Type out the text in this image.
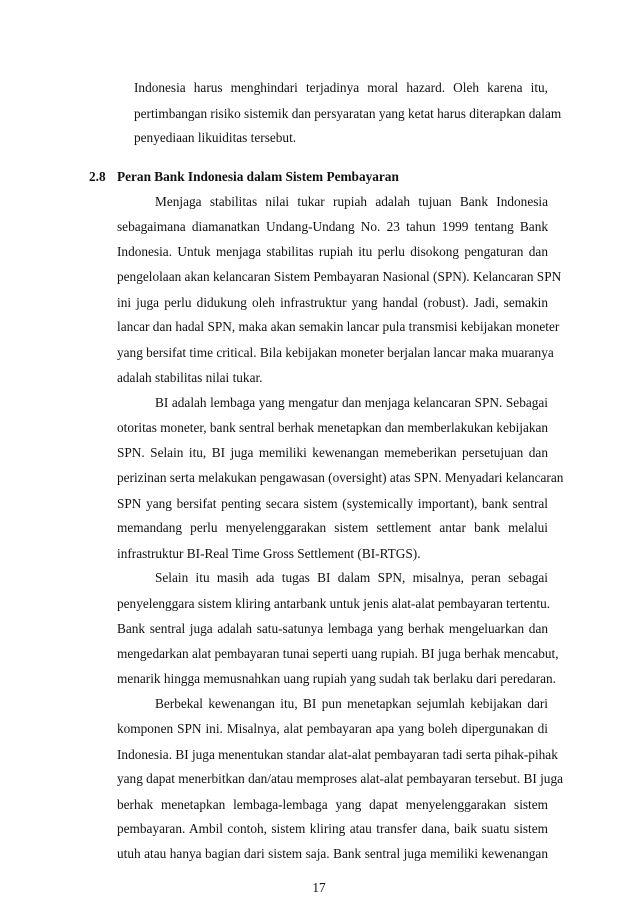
Indonesia harus menghindari terjadinya moral hazard. Oleh karena itu,
pertimbangan risiko sistemik dan persyaratan yang ketat harus diterapkan dalam
penyediaan likuiditas tersebut.
2.8 Peran Bank Indonesia dalam Sistem Pembayaran
Menjaga stabilitas nilai tukar rupiah adalah tujuan Bank Indonesia
sebagaimana diamanatkan Undang-Undang No. 23 tahun 1999 tentang Bank
Indonesia. Untuk menjaga stabilitas rupiah itu perlu disokong pengaturan dan
pengelolaan akan kelancaran Sistem Pembayaran Nasional (SPN). Kelancaran SPN
ini juga perlu didukung oleh infrastruktur yang handal (robust). Jadi, semakin
lancar dan hadal SPN, maka akan semakin lancar pula transmisi kebijakan moneter
yang bersifat time critical. Bila kebijakan moneter berjalan lancar maka muaranya
adalah stabilitas nilai tukar.
BI adalah lembaga yang mengatur dan menjaga kelancaran SPN. Sebagai
otoritas moneter, bank sentral berhak menetapkan dan memberlakukan kebijakan
SPN. Selain itu, BI juga memiliki kewenangan memeberikan persetujuan dan
perizinan serta melakukan pengawasan (oversight) atas SPN. Menyadari kelancaran
SPN yang bersifat penting secara sistem (systemically important), bank sentral
memandang perlu menyelenggarakan sistem settlement antar bank melalui
infrastruktur BI-Real Time Gross Settlement (BI-RTGS).
Selain itu masih ada tugas BI dalam SPN, misalnya, peran sebagai
penyelenggara sistem kliring antarbank untuk jenis alat-alat pembayaran tertentu.
Bank sentral juga adalah satu-satunya lembaga yang berhak mengeluarkan dan
mengedarkan alat pembayaran tunai seperti uang rupiah. BI juga berhak mencabut,
menarik hingga memusnahkan uang rupiah yang sudah tak berlaku dari peredaran.
Berbekal kewenangan itu, BI pun menetapkan sejumlah kebijakan dari
komponen SPN ini. Misalnya, alat pembayaran apa yang boleh dipergunakan di
Indonesia. BI juga menentukan standar alat-alat pembayaran tadi serta pihak-pihak
yang dapat menerbitkan dan/atau memproses alat-alat pembayaran tersebut. BI juga
berhak menetapkan lembaga-lembaga yang dapat menyelenggarakan sistem
pembayaran. Ambil contoh, sistem kliring atau transfer dana, baik suatu sistem
utuh atau hanya bagian dari sistem saja. Bank sentral juga memiliki kewenangan
17
